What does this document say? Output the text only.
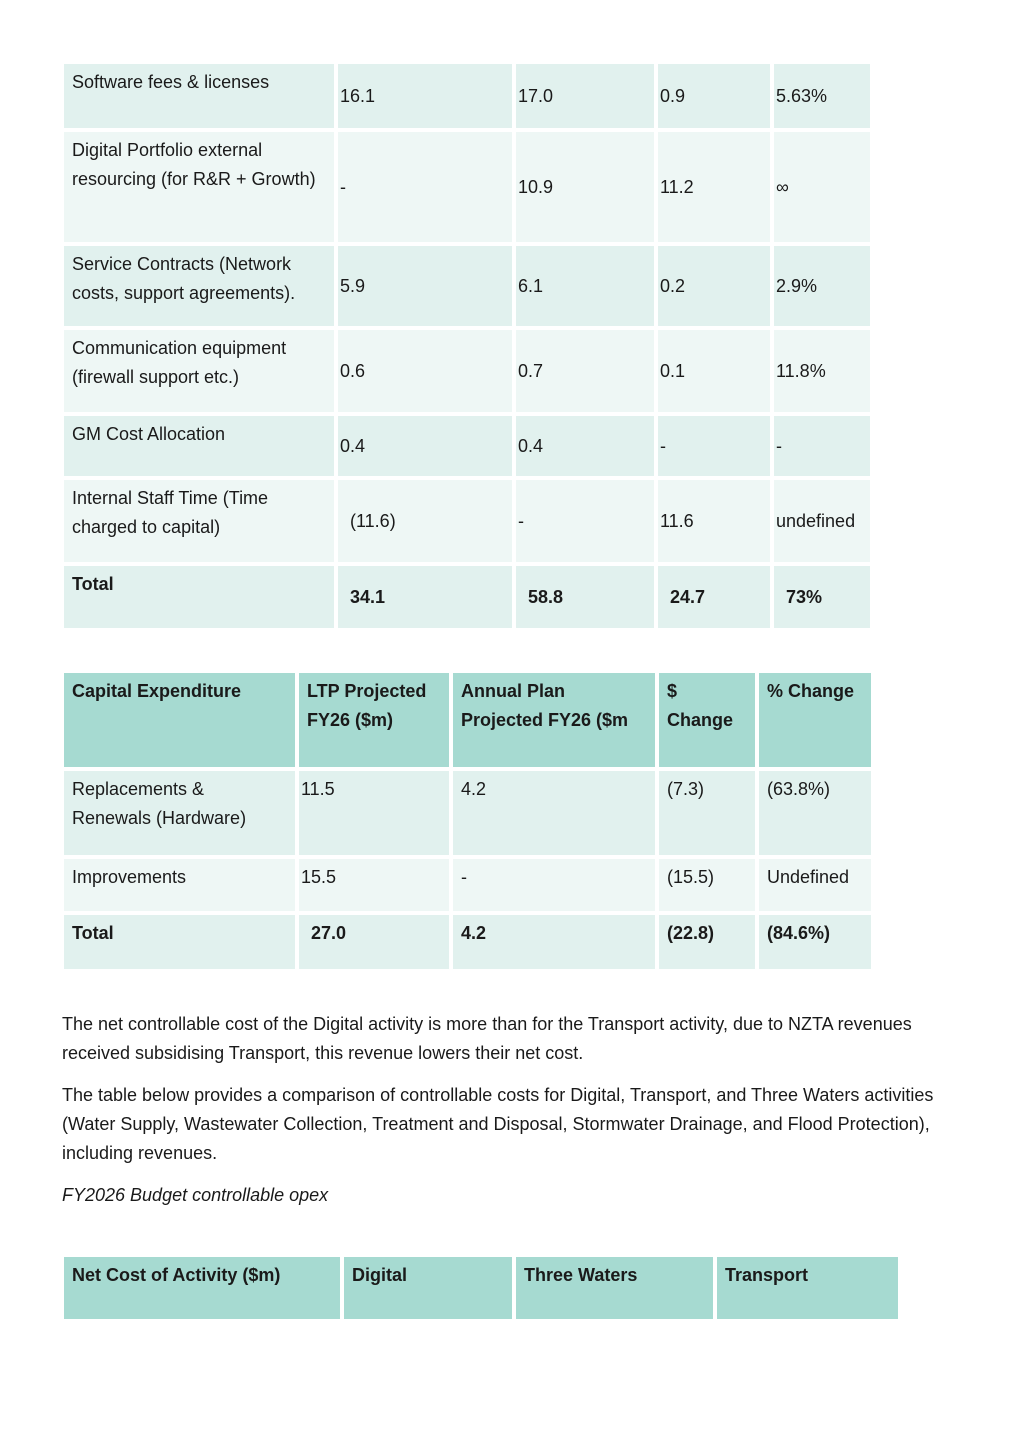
Software fees & licenses	16.1	17.0	0.9	5.63%
Digital Portfolio external resourcing (for R&R + Growth)	-	10.9	11.2	∞
Service Contracts (Network costs, support agreements).	5.9	6.1	0.2	2.9%
Communication equipment (firewall support etc.)	0.6	0.7	0.1	11.8%
GM Cost Allocation	0.4	0.4	-	-
Internal Staff Time (Time charged to capital)	(11.6)	-	11.6	undefined
Total	34.1	58.8	24.7	73%
Capital Expenditure	LTP Projected FY26 ($m)	Annual Plan Projected FY26 ($m	$ Change	% Change
Replacements & Renewals (Hardware)	11.5	4.2	(7.3)	(63.8%)
Improvements	15.5	-	(15.5)	Undefined
Total	27.0	4.2	(22.8)	(84.6%)

The net controllable cost of the Digital activity is more than for the Transport activity, due to NZTA revenues received subsidising Transport, this revenue lowers their net cost.

The table below provides a comparison of controllable costs for Digital, Transport, and Three Waters activities (Water Supply, Wastewater Collection, Treatment and Disposal, Stormwater Drainage, and Flood Protection), including revenues.

FY2026 Budget controllable opex

Net Cost of Activity ($m)	Digital	Three Waters	Transport
